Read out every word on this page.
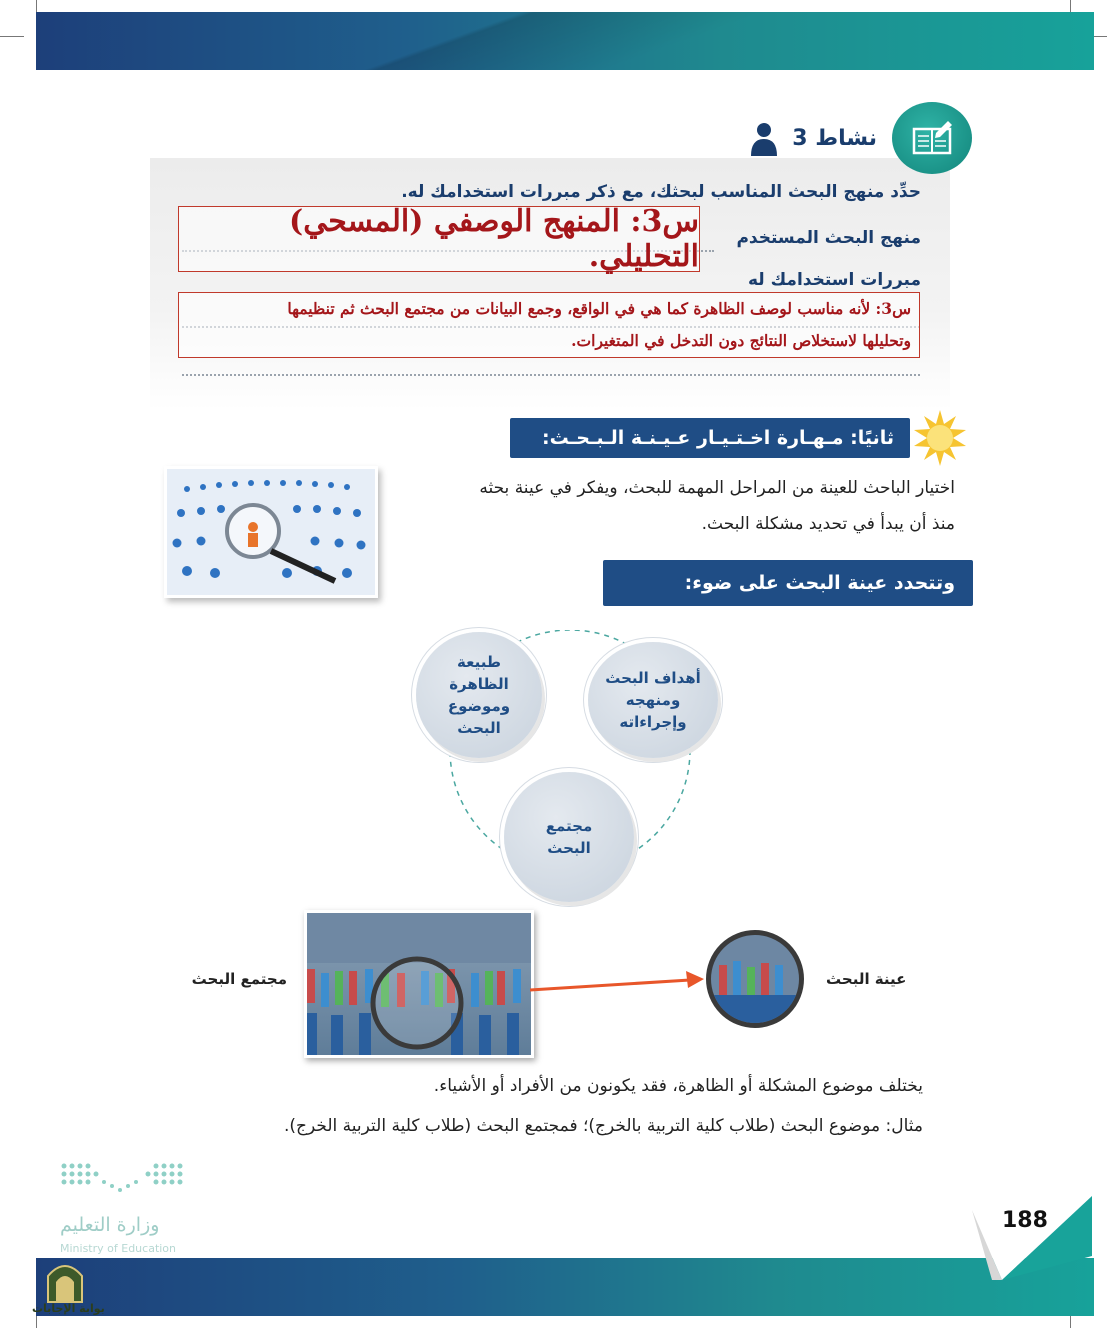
نشاط 3
حدِّد منهج البحث المناسب لبحثك، مع ذكر مبررات استخدامك له.
منهج البحث المستخدم
س3: المنهج الوصفي (المسحي) التحليلي.
مبررات استخدامك له
س3: لأنه مناسب لوصف الظاهرة كما هي في الواقع، وجمع البيانات من مجتمع البحث ثم تنظيمها
وتحليلها لاستخلاص النتائج دون التدخل في المتغيرات.
ثانيًا: مـهـارة اخـتـيـار عـيـنـة الـبـحـث:
اختيار الباحث للعينة من المراحل المهمة للبحث، ويفكر في عينة بحثه
منذ أن يبدأ في تحديد مشكلة البحث.
وتتحدد عينة البحث على ضوء:
طبيعة الظاهرة وموضوع البحث
أهداف البحث ومنهجه وإجراءاته
مجتمع البحث
مجتمع البحث	عينة البحث
يختلف موضوع المشكلة أو الظاهرة، فقد يكونون من الأفراد أو الأشياء.
مثال: موضوع البحث (طلاب كلية التربية بالخرج)؛ فمجتمع البحث (طلاب كلية التربية الخرج).
وزارة التعليم
Ministry of Education
188
بوابة الإجابات
